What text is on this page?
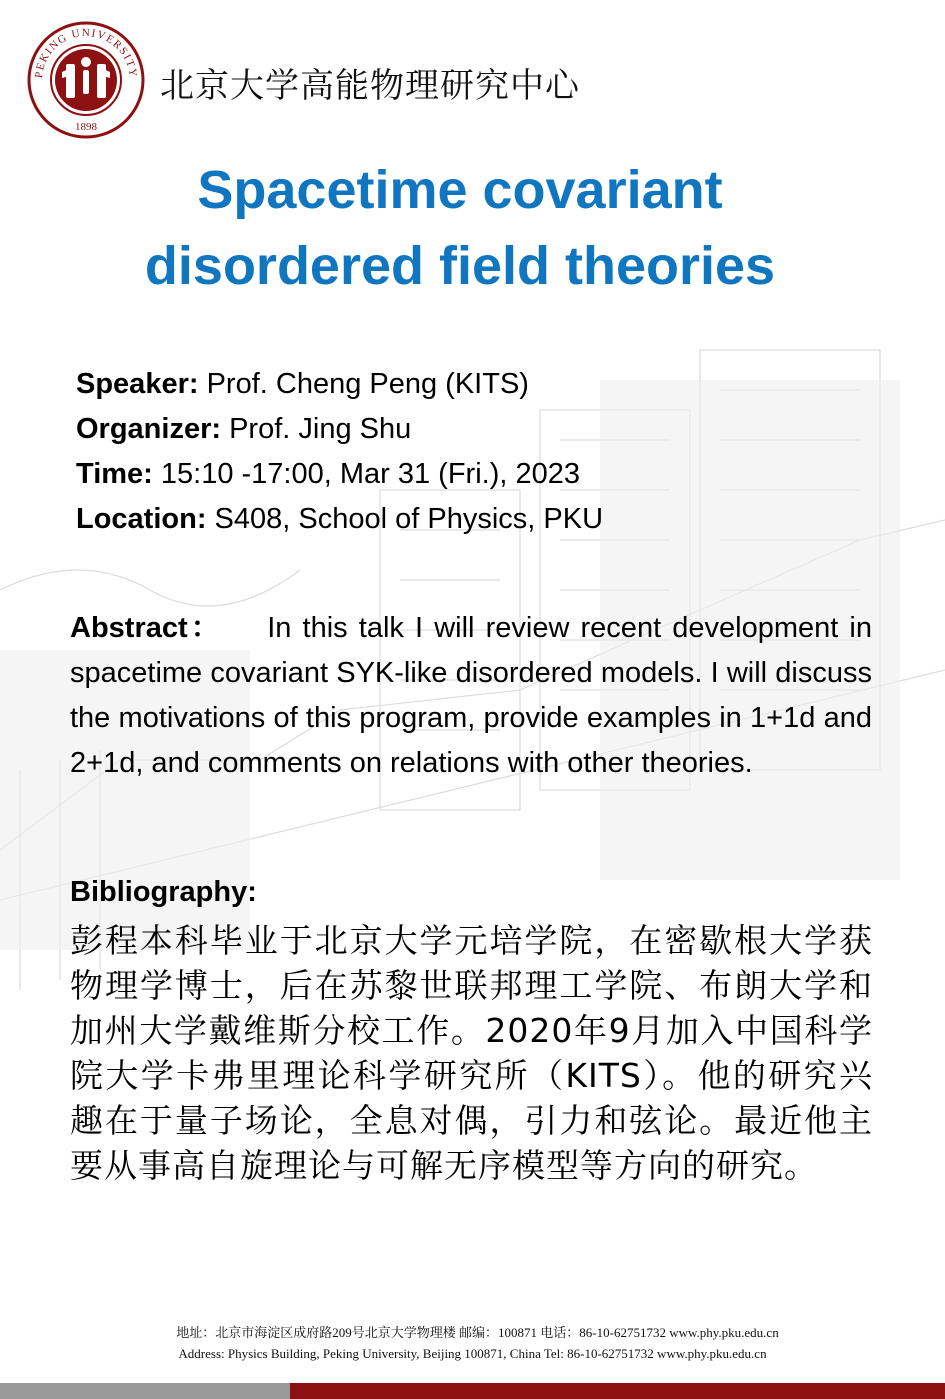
PEKING UNIVERSITY
1898
北京大学高能物理研究中心
Spacetime covariant
disordered field theories
Speaker: Prof. Cheng Peng (KITS)
Organizer: Prof. Jing Shu
Time: 15:10 -17:00, Mar 31 (Fri.), 2023
Location: S408, School of Physics, PKU
Abstract： In this talk I will review recent development in spacetime covariant SYK-like disordered models. I will discuss the motivations of this program, provide examples in 1+1d and 2+1d, and comments on relations with other theories.
Bibliography:
彭程本科毕业于北京大学元培学院，在密歇根大学获物理学博士，后在苏黎世联邦理工学院、布朗大学和加州大学戴维斯分校工作。2020年9月加入中国科学院大学卡弗里理论科学研究所（KITS）。他的研究兴趣在于量子场论，全息对偶，引力和弦论。最近他主要从事高自旋理论与可解无序模型等方向的研究。
地址：北京市海淀区成府路209号北京大学物理楼 邮编：100871 电话：86-10-62751732 www.phy.pku.edu.cn
Address: Physics Building, Peking University, Beijing 100871, China Tel: 86-10-62751732 www.phy.pku.edu.cn
